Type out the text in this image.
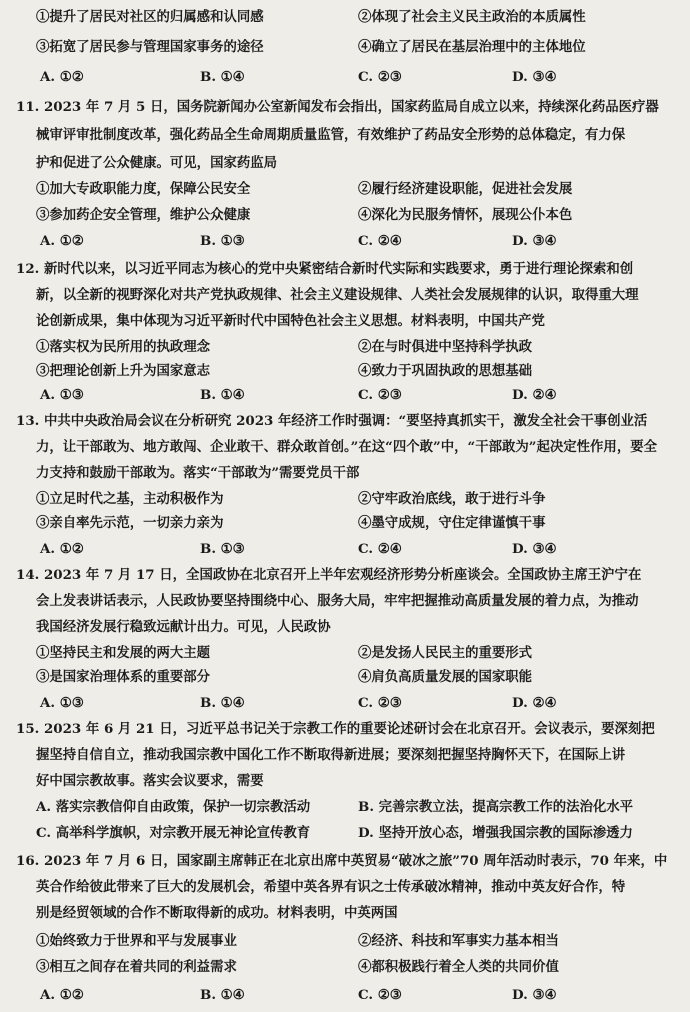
①提升了居民对社区的归属感和认同感	②体现了社会主义民主政治的本质属性
③拓宽了居民参与管理国家事务的途径	④确立了居民在基层治理中的主体地位
A. ①②	B. ①④	C. ②③	D. ③④
11. 2023 年 7 月 5 日，国务院新闻办公室新闻发布会指出，国家药监局自成立以来，持续深化药品医疗器
械审评审批制度改革，强化药品全生命周期质量监管，有效维护了药品安全形势的总体稳定，有力保
护和促进了公众健康。可见，国家药监局
①加大专政职能力度，保障公民安全	②履行经济建设职能，促进社会发展
③参加药企安全管理，维护公众健康	④深化为民服务情怀，展现公仆本色
A. ①②	B. ①③	C. ②④	D. ③④
12. 新时代以来，以习近平同志为核心的党中央紧密结合新时代实际和实践要求，勇于进行理论探索和创
新，以全新的视野深化对共产党执政规律、社会主义建设规律、人类社会发展规律的认识，取得重大理
论创新成果，集中体现为习近平新时代中国特色社会主义思想。材料表明，中国共产党
①落实权为民所用的执政理念	②在与时俱进中坚持科学执政
③把理论创新上升为国家意志	④致力于巩固执政的思想基础
A. ①③	B. ①④	C. ②③	D. ②④
13. 中共中央政治局会议在分析研究 2023 年经济工作时强调：“要坚持真抓实干，激发全社会干事创业活
力，让干部敢为、地方敢闯、企业敢干、群众敢首创。”在这“四个敢”中，“干部敢为”起决定性作用，要全
力支持和鼓励干部敢为。落实“干部敢为”需要党员干部
①立足时代之基，主动积极作为	②守牢政治底线，敢于进行斗争
③亲自率先示范，一切亲力亲为	④墨守成规，守住定律谨慎干事
A. ①②	B. ①③	C. ②④	D. ③④
14. 2023 年 7 月 17 日，全国政协在北京召开上半年宏观经济形势分析座谈会。全国政协主席王沪宁在
会上发表讲话表示，人民政协要坚持围绕中心、服务大局，牢牢把握推动高质量发展的着力点，为推动
我国经济发展行稳致远献计出力。可见，人民政协
①坚持民主和发展的两大主题	②是发扬人民民主的重要形式
③是国家治理体系的重要部分	④肩负高质量发展的国家职能
A. ①③	B. ①④	C. ②③	D. ②④
15. 2023 年 6 月 21 日，习近平总书记关于宗教工作的重要论述研讨会在北京召开。会议表示，要深刻把
握坚持自信自立，推动我国宗教中国化工作不断取得新进展；要深刻把握坚持胸怀天下，在国际上讲
好中国宗教故事。落实会议要求，需要
A. 落实宗教信仰自由政策，保护一切宗教活动	B. 完善宗教立法，提高宗教工作的法治化水平
C. 高举科学旗帜，对宗教开展无神论宣传教育	D. 坚持开放心态，增强我国宗教的国际渗透力
16. 2023 年 7 月 6 日，国家副主席韩正在北京出席中英贸易“破冰之旅”70 周年活动时表示，70 年来，中
英合作给彼此带来了巨大的发展机会，希望中英各界有识之士传承破冰精神，推动中英友好合作，特
别是经贸领域的合作不断取得新的成功。材料表明，中英两国
①始终致力于世界和平与发展事业	②经济、科技和军事实力基本相当
③相互之间存在着共同的利益需求	④都积极践行着全人类的共同价值
A. ①②	B. ①④	C. ②③	D. ③④
